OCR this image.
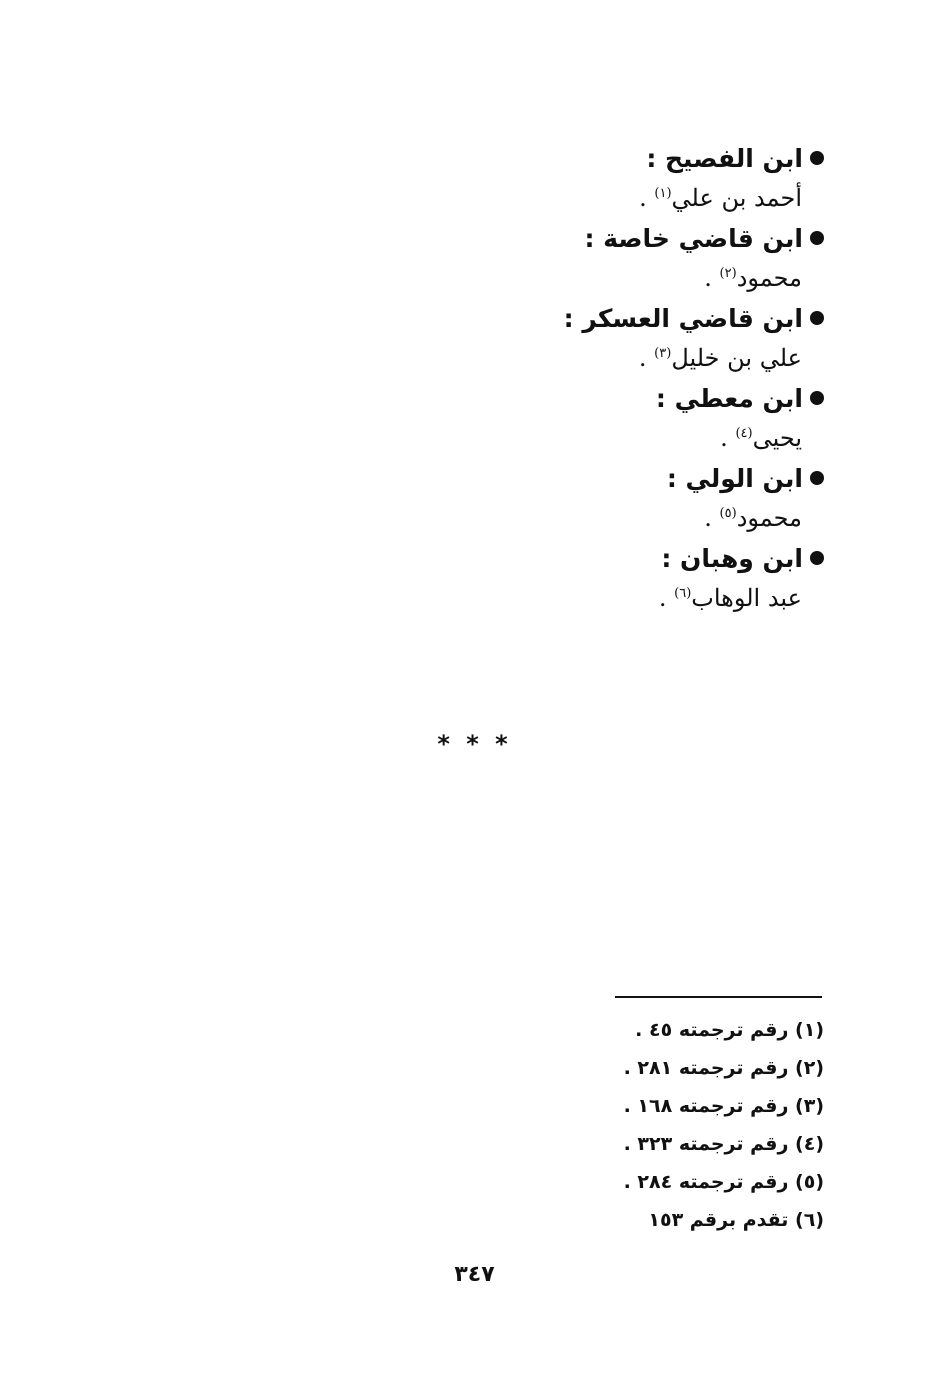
ابن الفصيح :
أحمد بن علي$^{(١)}$ .
ابن قاضي خاصة :
محمود$^{(٢)}$ .
ابن قاضي العسكر :
علي بن خليل$^{(٣)}$ .
ابن معطي :
يحيى$^{(٤)}$ .
ابن الولي :
محمود$^{(٥)}$ .
ابن وهبان :
عبد الوهاب$^{(٦)}$ .
* * *
(١) رقم ترجمته ٤٥ .
(٢) رقم ترجمته ٢٨١ .
(٣) رقم ترجمته ١٦٨ .
(٤) رقم ترجمته ٣٢٣ .
(٥) رقم ترجمته ٢٨٤ .
(٦) تقدم برقم ١٥٣
٣٤٧
